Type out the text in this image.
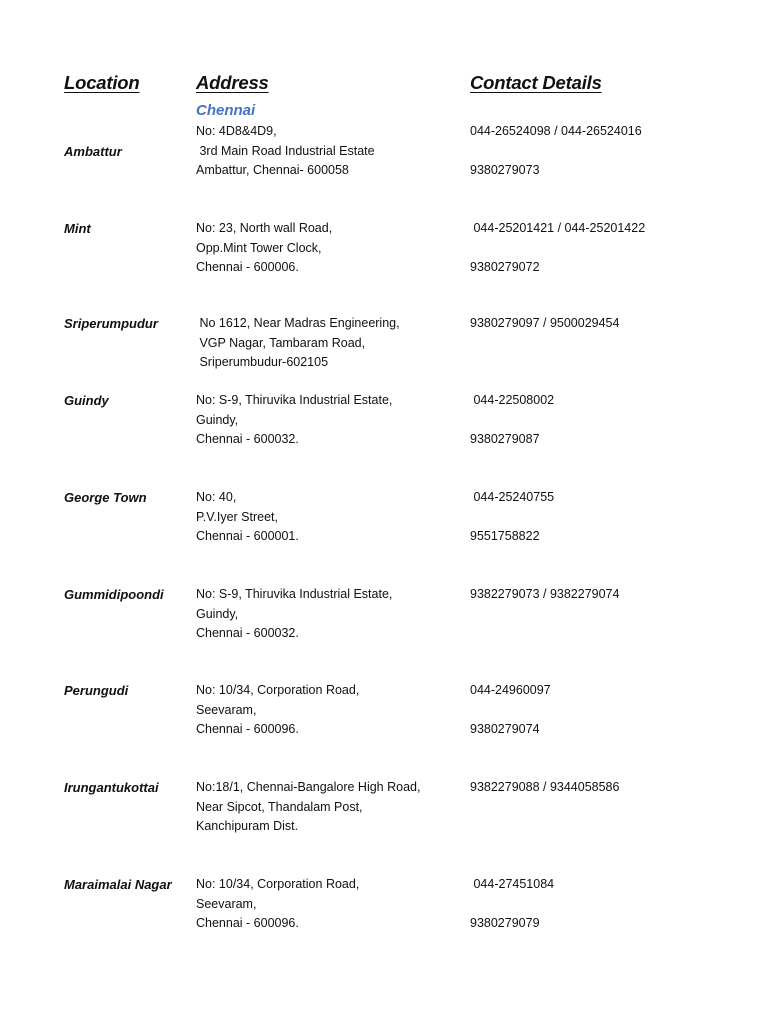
Location	Address	Contact Details
Chennai
Ambattur
No: 4D8&4D9,
3rd Main Road Industrial Estate
Ambattur, Chennai- 600058
044-26524098 / 044-26524016
9380279073
Mint	No: 23, North wall Road,
Opp.Mint Tower Clock,
Chennai - 600006.
044-25201421 / 044-25201422
9380279072
Sriperumpudur	No 1612, Near Madras Engineering,
VGP Nagar, Tambaram Road,
Sriperumbudur-602105
9380279097 / 9500029454
Guindy	No: S-9, Thiruvika Industrial Estate,
Guindy,
Chennai - 600032.
044-22508002
9380279087
George Town	No: 40,
P.V.Iyer Street,
Chennai - 600001.
044-25240755
9551758822
Gummidipoondi	No: S-9, Thiruvika Industrial Estate,
Guindy,
Chennai - 600032.
9382279073 / 9382279074
Perungudi	No: 10/34, Corporation Road,
Seevaram,
Chennai - 600096.
044-24960097
9380279074
Irungantukottai	No:18/1, Chennai-Bangalore High Road,
Near Sipcot, Thandalam Post,
Kanchipuram Dist.
9382279088 / 9344058586
Maraimalai Nagar No: 10/34, Corporation Road,
Seevaram,
Chennai - 600096.
044-27451084
9380279079
